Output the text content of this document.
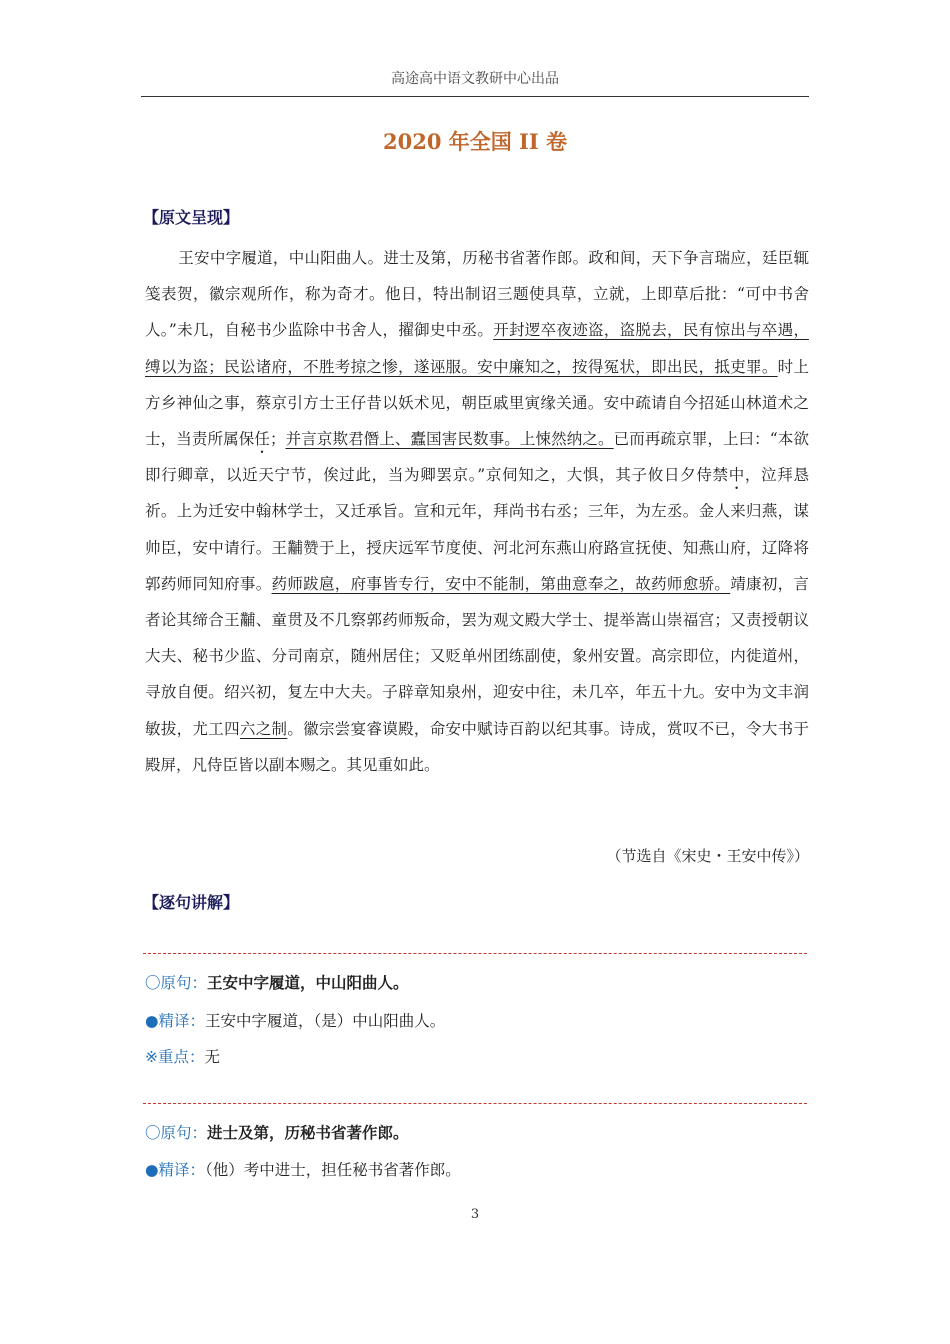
高途高中语文教研中心出品
2020 年全国 II 卷
【原文呈现】

王安中字履道，中山阳曲人。进士及第，历秘书省著作郎。政和间，天下争言瑞应，廷臣辄笺表贺，徽宗观所作，称为奇才。他日，特出制诏三题使具草，立就，上即草后批：“可中书舍人。”未几，自秘书少监除中书舍人，擢御史中丞。开封逻卒夜迹盗，盗脱去，民有惊出与卒遇，缚以为盗；民讼诸府，不胜考掠之惨，遂诬服。安中廉知之，按得冤状，即出民，抵吏罪。时上方乡神仙之事，蔡京引方士王仔昔以妖术见，朝臣戚里寅缘关通。安中疏请自今招延山林道术之士，当责所属保任；并言京欺君僭上、蠹国害民数事。上悚然纳之。已而再疏京罪，上曰：“本欲即行卿章，以近天宁节，俟过此，当为卿罢京。”京伺知之，大惧，其子攸日夕侍禁中，泣拜恳祈。上为迁安中翰林学士，又迁承旨。宣和元年，拜尚书右丞；三年，为左丞。金人来归燕，谋帅臣，安中请行。王黼赞于上，授庆远军节度使、河北河东燕山府路宣抚使、知燕山府，辽降将郭药师同知府事。药师跋扈，府事皆专行，安中不能制，第曲意奉之，故药师愈骄。靖康初，言者论其缔合王黼、童贯及不几察郭药师叛命，罢为观文殿大学士、提举嵩山崇福宫；又责授朝议大夫、秘书少监、分司南京，随州居住；又贬单州团练副使，象州安置。高宗即位，内徙道州，寻放自便。绍兴初，复左中大夫。子辟章知泉州，迎安中往，未几卒，年五十九。安中为文丰润敏拔，尤工四六之制。徽宗尝宴睿谟殿，命安中赋诗百韵以纪其事。诗成，赏叹不已，令大书于殿屏，凡侍臣皆以副本赐之。其见重如此。

（节选自《宋史・王安中传》）
【逐句讲解】
〇原句：王安中字履道，中山阳曲人。
●精译：王安中字履道，（是）中山阳曲人。
※重点：无
〇原句：进士及第，历秘书省著作郎。
●精译：（他）考中进士，担任秘书省著作郎。
3
